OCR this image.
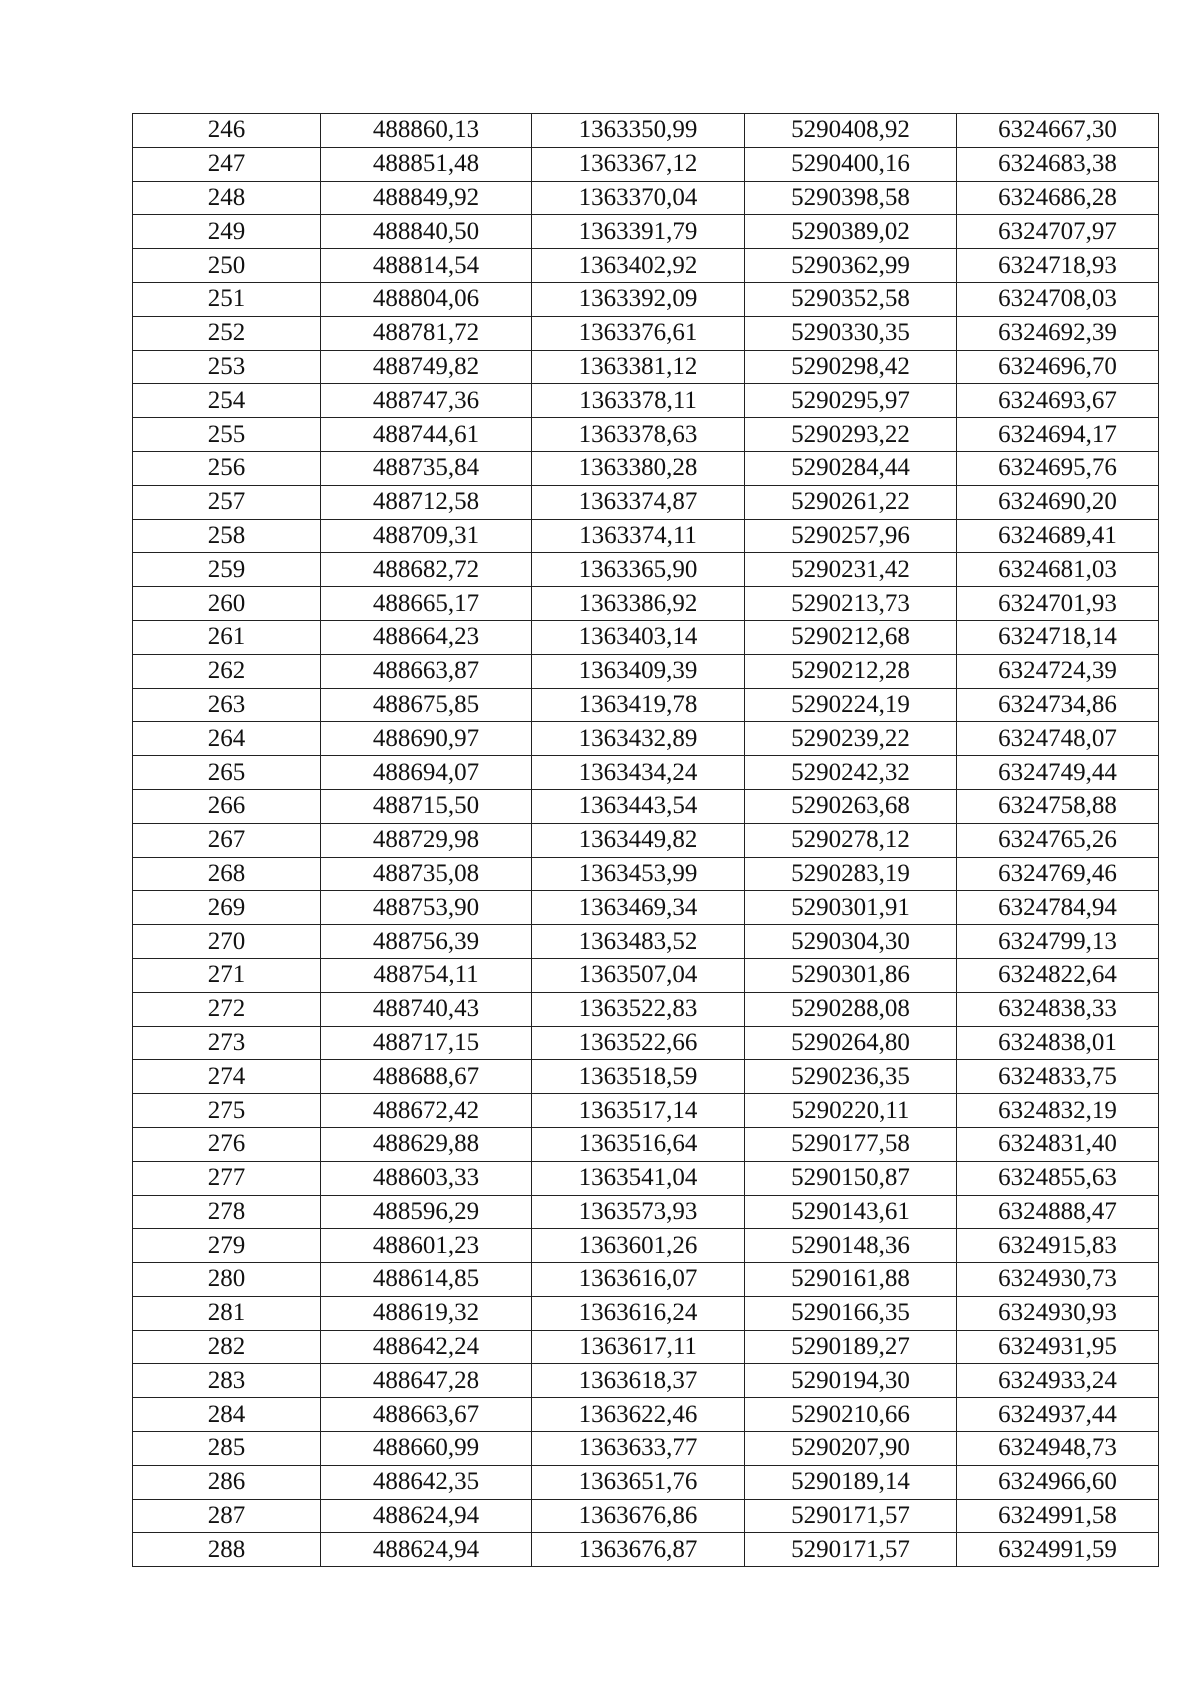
246	488860,13	1363350,99	5290408,92	6324667,30
247	488851,48	1363367,12	5290400,16	6324683,38
248	488849,92	1363370,04	5290398,58	6324686,28
249	488840,50	1363391,79	5290389,02	6324707,97
250	488814,54	1363402,92	5290362,99	6324718,93
251	488804,06	1363392,09	5290352,58	6324708,03
252	488781,72	1363376,61	5290330,35	6324692,39
253	488749,82	1363381,12	5290298,42	6324696,70
254	488747,36	1363378,11	5290295,97	6324693,67
255	488744,61	1363378,63	5290293,22	6324694,17
256	488735,84	1363380,28	5290284,44	6324695,76
257	488712,58	1363374,87	5290261,22	6324690,20
258	488709,31	1363374,11	5290257,96	6324689,41
259	488682,72	1363365,90	5290231,42	6324681,03
260	488665,17	1363386,92	5290213,73	6324701,93
261	488664,23	1363403,14	5290212,68	6324718,14
262	488663,87	1363409,39	5290212,28	6324724,39
263	488675,85	1363419,78	5290224,19	6324734,86
264	488690,97	1363432,89	5290239,22	6324748,07
265	488694,07	1363434,24	5290242,32	6324749,44
266	488715,50	1363443,54	5290263,68	6324758,88
267	488729,98	1363449,82	5290278,12	6324765,26
268	488735,08	1363453,99	5290283,19	6324769,46
269	488753,90	1363469,34	5290301,91	6324784,94
270	488756,39	1363483,52	5290304,30	6324799,13
271	488754,11	1363507,04	5290301,86	6324822,64
272	488740,43	1363522,83	5290288,08	6324838,33
273	488717,15	1363522,66	5290264,80	6324838,01
274	488688,67	1363518,59	5290236,35	6324833,75
275	488672,42	1363517,14	5290220,11	6324832,19
276	488629,88	1363516,64	5290177,58	6324831,40
277	488603,33	1363541,04	5290150,87	6324855,63
278	488596,29	1363573,93	5290143,61	6324888,47
279	488601,23	1363601,26	5290148,36	6324915,83
280	488614,85	1363616,07	5290161,88	6324930,73
281	488619,32	1363616,24	5290166,35	6324930,93
282	488642,24	1363617,11	5290189,27	6324931,95
283	488647,28	1363618,37	5290194,30	6324933,24
284	488663,67	1363622,46	5290210,66	6324937,44
285	488660,99	1363633,77	5290207,90	6324948,73
286	488642,35	1363651,76	5290189,14	6324966,60
287	488624,94	1363676,86	5290171,57	6324991,58
288	488624,94	1363676,87	5290171,57	6324991,59
